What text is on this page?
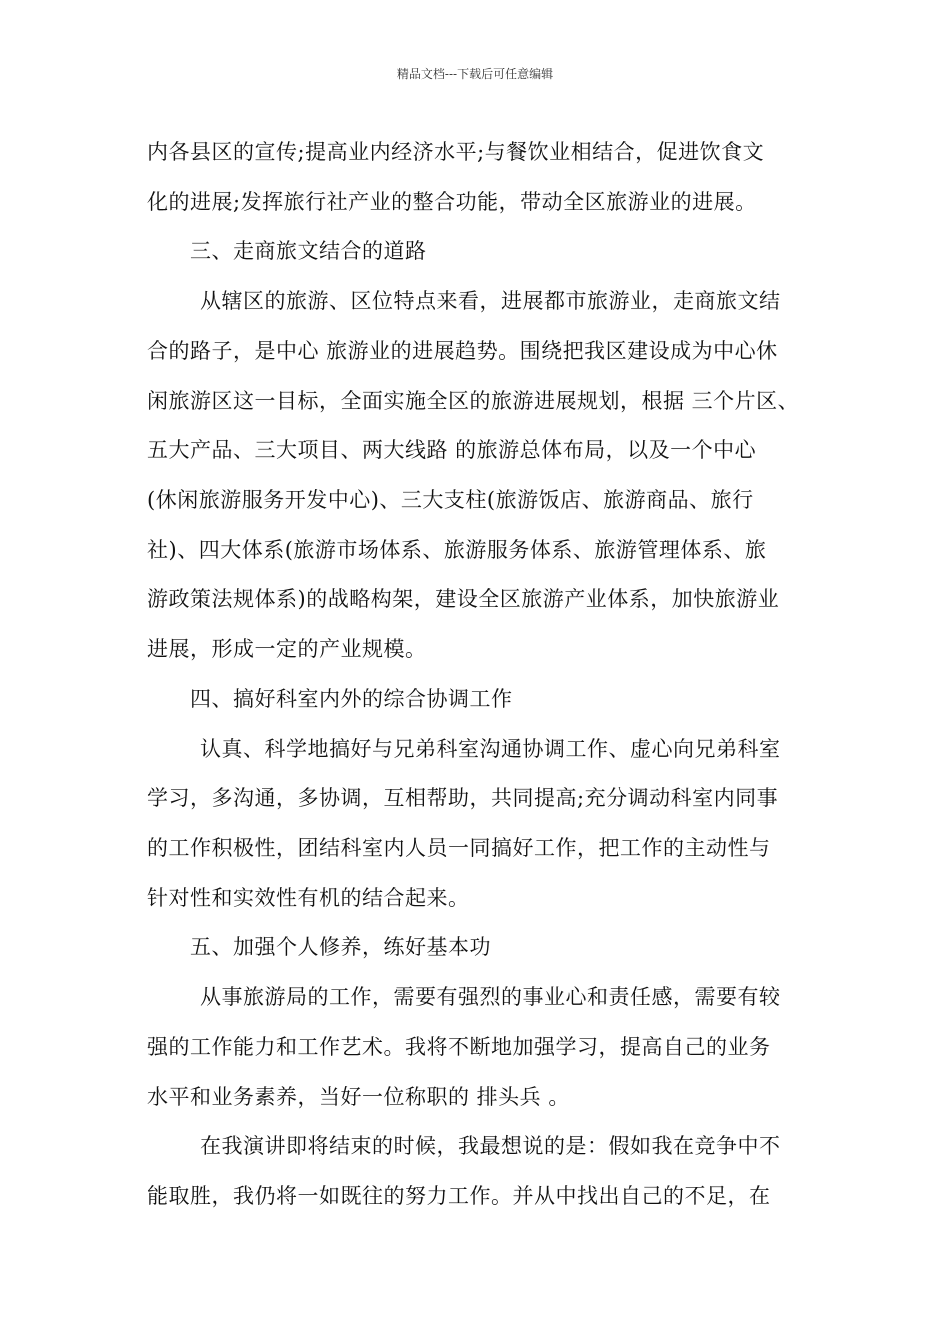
精品文档---下载后可任意编辑
内各县区的宣传;提高业内经济水平;与餐饮业相结合，促进饮食文
化的进展;发挥旅行社产业的整合功能，带动全区旅游业的进展。
三、走商旅文结合的道路
从辖区的旅游、区位特点来看，进展都市旅游业，走商旅文结
合的路子，是中心 旅游业的进展趋势。围绕把我区建设成为中心休
闲旅游区这一目标，全面实施全区的旅游进展规划，根据 三个片区、
五大产品、三大项目、两大线路 的旅游总体布局，以及一个中心
(休闲旅游服务开发中心)、三大支柱(旅游饭店、旅游商品、旅行
社)、四大体系(旅游市场体系、旅游服务体系、旅游管理体系、旅
游政策法规体系)的战略构架，建设全区旅游产业体系，加快旅游业
进展，形成一定的产业规模。
四、搞好科室内外的综合协调工作
认真、科学地搞好与兄弟科室沟通协调工作、虚心向兄弟科室
学习，多沟通，多协调，互相帮助，共同提高;充分调动科室内同事
的工作积极性，团结科室内人员一同搞好工作，把工作的主动性与
针对性和实效性有机的结合起来。
五、加强个人修养，练好基本功
从事旅游局的工作，需要有强烈的事业心和责任感，需要有较
强的工作能力和工作艺术。我将不断地加强学习，提高自己的业务
水平和业务素养，当好一位称职的 排头兵 。
在我演讲即将结束的时候，我最想说的是：假如我在竞争中不
能取胜，我仍将一如既往的努力工作。并从中找出自己的不足，在
